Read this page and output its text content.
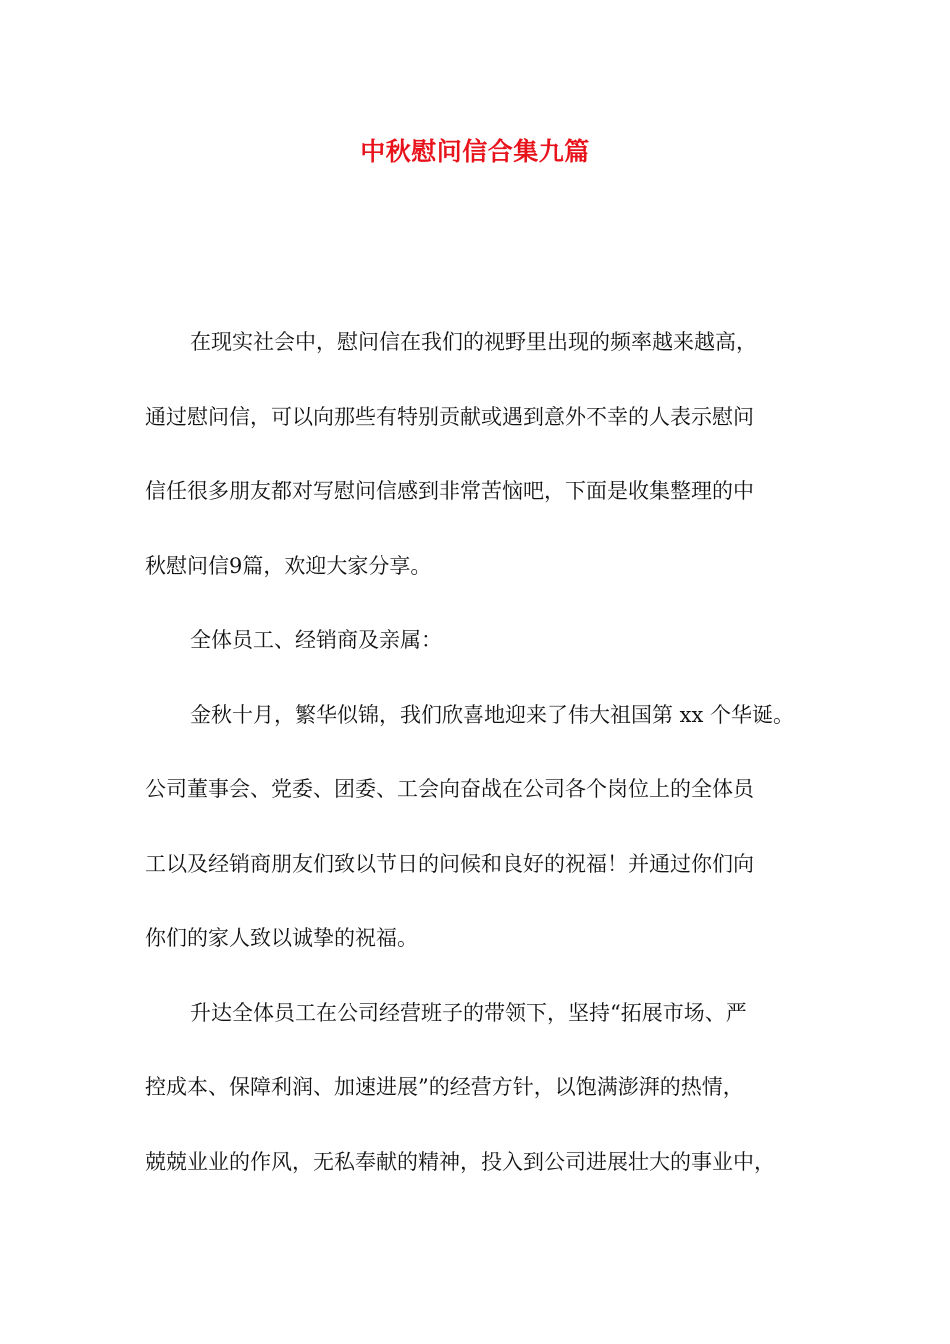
中秋慰问信合集九篇
在现实社会中，慰问信在我们的视野里出现的频率越来越高，
通过慰问信，可以向那些有特别贡献或遇到意外不幸的人表示慰问
信任很多朋友都对写慰问信感到非常苦恼吧，下面是收集整理的中
秋慰问信9篇，欢迎大家分享。
全体员工、经销商及亲属：
金秋十月，繁华似锦，我们欣喜地迎来了伟大祖国第 xx 个华诞。
公司董事会、党委、团委、工会向奋战在公司各个岗位上的全体员
工以及经销商朋友们致以节日的问候和良好的祝福！并通过你们向
你们的家人致以诚挚的祝福。
升达全体员工在公司经营班子的带领下，坚持“拓展市场、严
控成本、保障利润、加速进展”的经营方针，以饱满澎湃的热情，
兢兢业业的作风，无私奉献的精神，投入到公司进展壮大的事业中，
